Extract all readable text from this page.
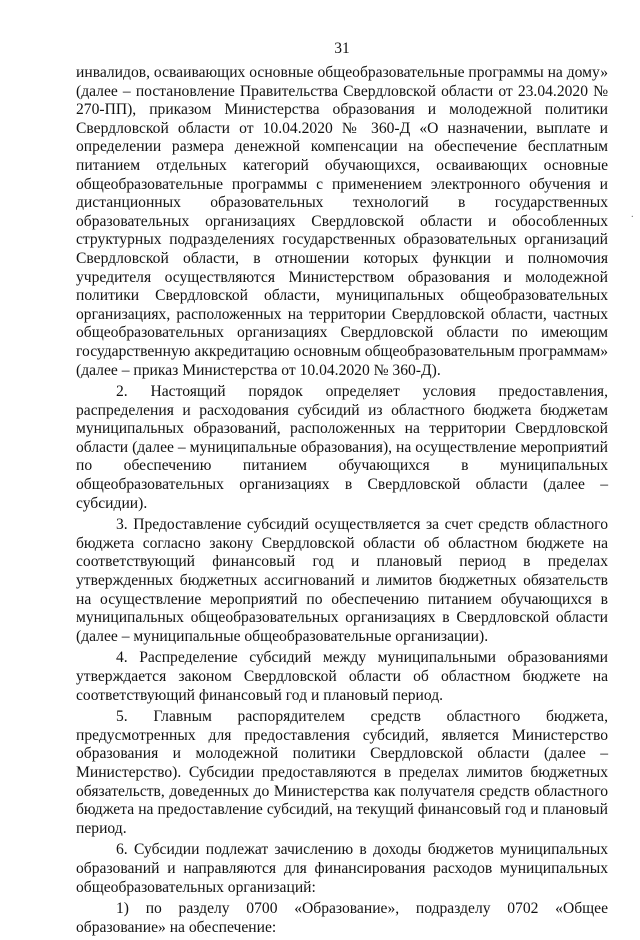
31

инвалидов, осваивающих основные общеобразовательные программы на дому» (далее – постановление Правительства Свердловской области от 23.04.2020 № 270-ПП), приказом Министерства образования и молодежной политики Свердловской области от 10.04.2020 № 360-Д «О назначении, выплате и определении размера денежной компенсации на обеспечение бесплатным питанием отдельных категорий обучающихся, осваивающих основные общеобразовательные программы с применением электронного обучения и дистанционных образовательных технологий в государственных образовательных организациях Свердловской области и обособленных структурных подразделениях государственных образовательных организаций Свердловской области, в отношении которых функции и полномочия учредителя осуществляются Министерством образования и молодежной политики Свердловской области, муниципальных общеобразовательных организациях, расположенных на территории Свердловской области, частных общеобразовательных организациях Свердловской области по имеющим государственную аккредитацию основным общеобразовательным программам» (далее – приказ Министерства от 10.04.2020 № 360-Д).

2. Настоящий порядок определяет условия предоставления, распределения и расходования субсидий из областного бюджета бюджетам муниципальных образований, расположенных на территории Свердловской области (далее – муниципальные образования), на осуществление мероприятий по обеспечению питанием обучающихся в муниципальных общеобразовательных организациях в Свердловской области (далее – субсидии).

3. Предоставление субсидий осуществляется за счет средств областного бюджета согласно закону Свердловской области об областном бюджете на соответствующий финансовый год и плановый период в пределах утвержденных бюджетных ассигнований и лимитов бюджетных обязательств на осуществление мероприятий по обеспечению питанием обучающихся в муниципальных общеобразовательных организациях в Свердловской области (далее – муниципальные общеобразовательные организации).

4. Распределение субсидий между муниципальными образованиями утверждается законом Свердловской области об областном бюджете на соответствующий финансовый год и плановый период.

5. Главным распорядителем средств областного бюджета, предусмотренных для предоставления субсидий, является Министерство образования и молодежной политики Свердловской области (далее – Министерство). Субсидии предоставляются в пределах лимитов бюджетных обязательств, доведенных до Министерства как получателя средств областного бюджета на предоставление субсидий, на текущий финансовый год и плановый период.

6. Субсидии подлежат зачислению в доходы бюджетов муниципальных образований и направляются для финансирования расходов муниципальных общеобразовательных организаций:

1) по разделу 0700 «Образование», подразделу 0702 «Общее образование» на обеспечение:

·
